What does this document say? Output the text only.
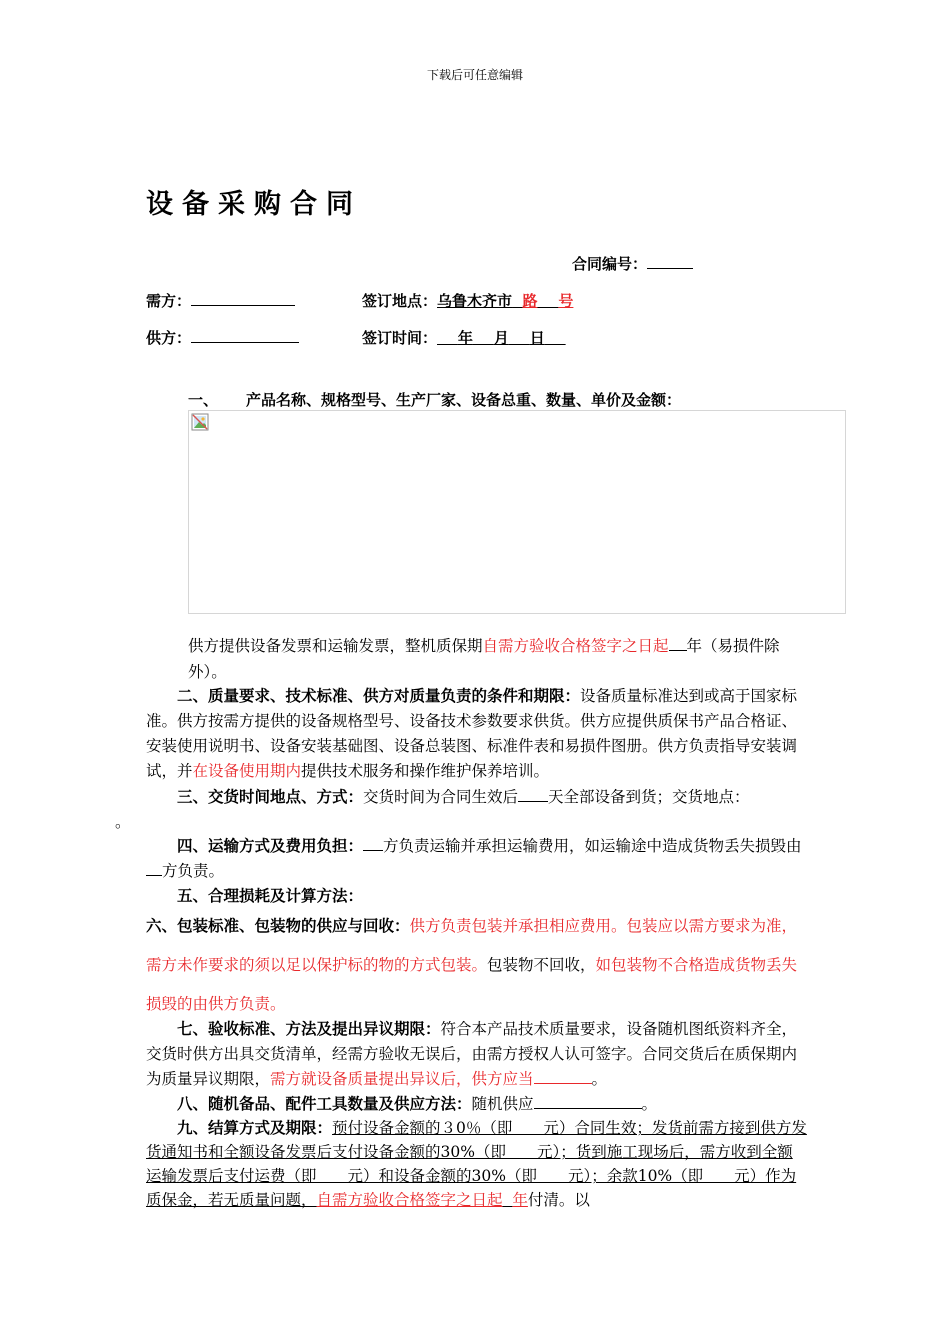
下载后可任意编辑
设备采购合同
合同编号：
需方：	签订地点：乌鲁木齐市 路 号
供方：	签订时间： 年 月 日
一、 产品名称、规格型号、生产厂家、设备总重、数量、单价及金额：
供方提供设备发票和运输发票，整机质保期自需方验收合格签字之日起 年（易损件除外）。
二、质量要求、技术标准、供方对质量负责的条件和期限：设备质量标准达到或高于国家标准。供方按需方提供的设备规格型号、设备技术参数要求供货。供方应提供质保书产品合格证、安装使用说明书、设备安装基础图、设备总装图、标准件表和易损件图册。供方负责指导安装调试，并在设备使用期内提供技术服务和操作维护保养培训。
三、交货时间地点、方式：交货时间为合同生效后 天全部设备到货；交货地点：
。
四、运输方式及费用负担： 方负责运输并承担运输费用，如运输途中造成货物丢失损毁由方负责。
五、合理损耗及计算方法：
六、包装标准、包装物的供应与回收：供方负责包装并承担相应费用。包装应以需方要求为准，需方未作要求的须以足以保护标的物的方式包装。包装物不回收，如包装物不合格造成货物丢失损毁的由供方负责。
七、验收标准、方法及提出异议期限：符合本产品技术质量要求，设备随机图纸资料齐全，交货时供方出具交货清单，经需方验收无误后，由需方授权人认可签字。合同交货后在质保期内为质量异议期限，需方就设备质量提出异议后，供方应当	。
八、随机备品、配件工具数量及供应方法：随机供应	。
九、结算方式及期限：预付设备金额的３0％（即　　元）合同生效；发货前需方接到供方发货通知书和全额设备发票后支付设备金额的30%（即　　元）；货到施工现场后，需方收到全额运输发票后支付运费（即　　元）和设备金额的30%（即　　元）；余款10%（即　　元）作为质保金，若无质量问题，自需方验收合格签字之日起 年付清。以
